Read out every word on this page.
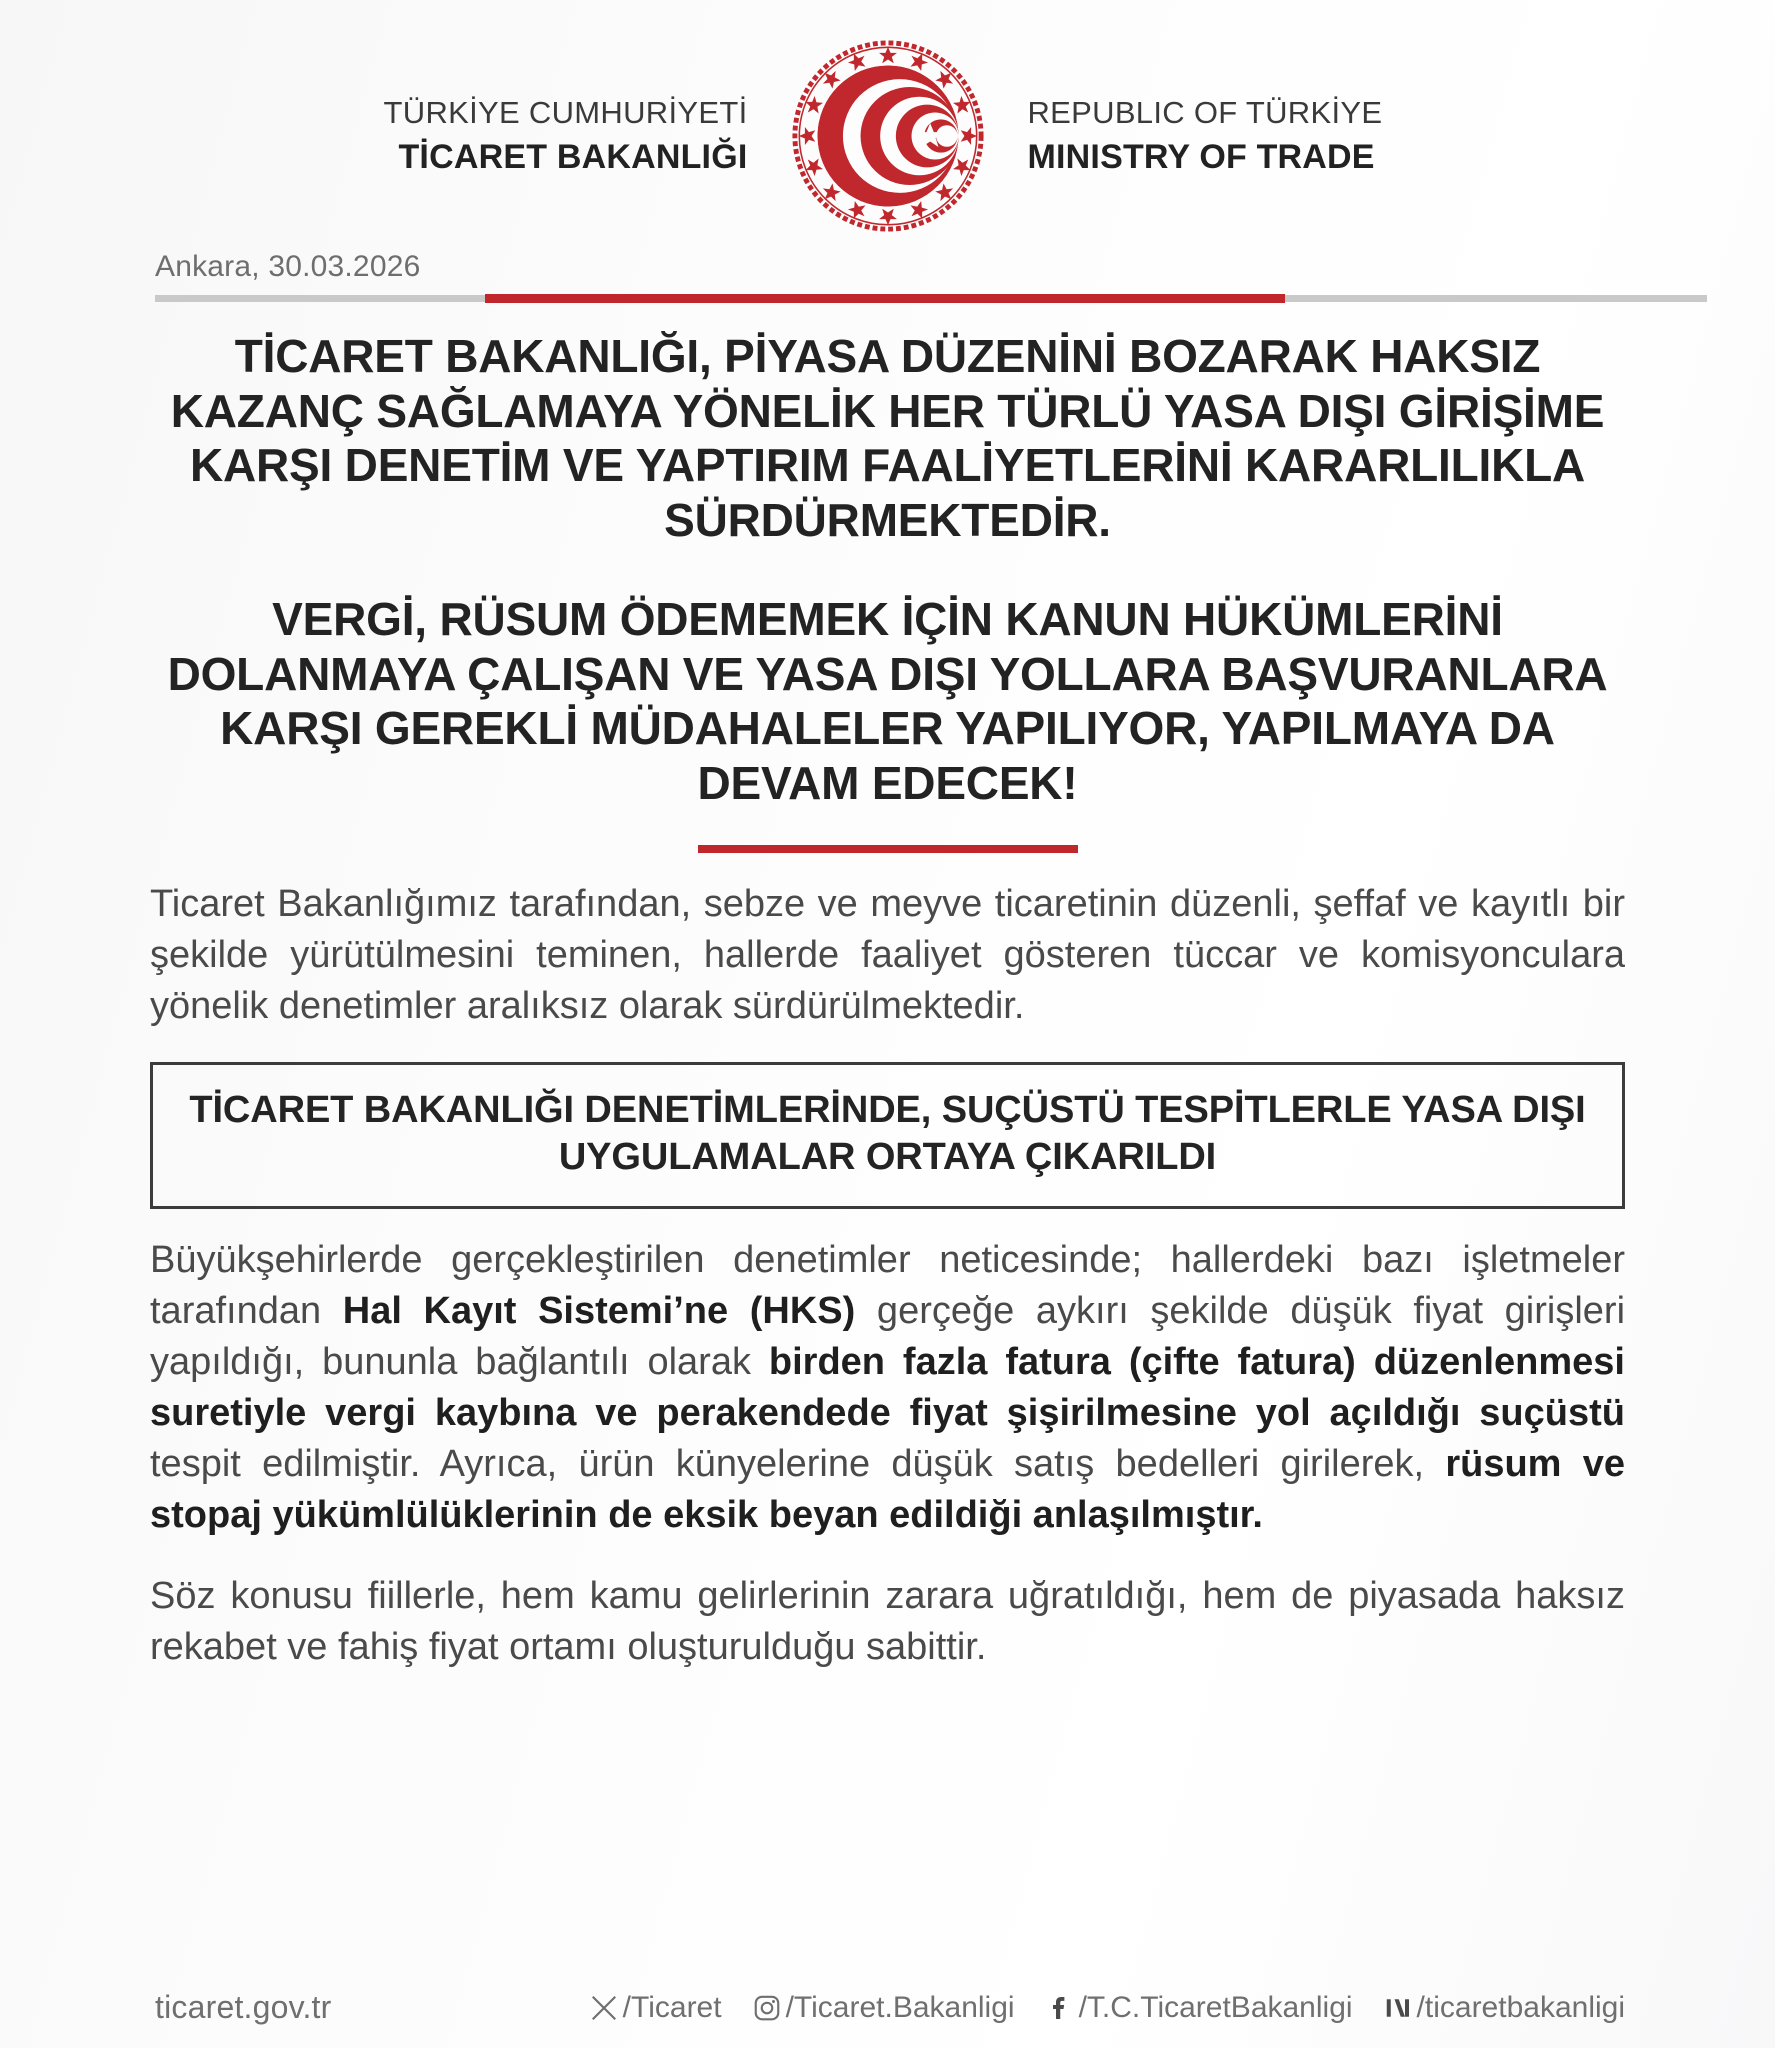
TÜRKİYE CUMHURİYETİ
TİCARET BAKANLIĞI
REPUBLIC OF TÜRKİYE
MINISTRY OF TRADE
Ankara, 30.03.2026
TİCARET BAKANLIĞI, PİYASA DÜZENİNİ BOZARAK HAKSIZ KAZANÇ SAĞLAMAYA YÖNELİK HER TÜRLÜ YASA DIŞI GİRİŞİME KARŞI DENETİM VE YAPTIRIM FAALİYETLERİNİ KARARLILIKLA SÜRDÜRMEKTEDİR.
VERGİ, RÜSUM ÖDEMEMEK İÇİN KANUN HÜKÜMLERİNİ DOLANMAYA ÇALIŞAN VE YASA DIŞI YOLLARA BAŞVURANLARA KARŞI GEREKLİ MÜDAHALELER YAPILIYOR, YAPILMAYA DA DEVAM EDECEK!
Ticaret Bakanlığımız tarafından, sebze ve meyve ticaretinin düzenli, şeffaf ve kayıtlı bir şekilde yürütülmesini teminen, hallerde faaliyet gösteren tüccar ve komisyonculara yönelik denetimler aralıksız olarak sürdürülmektedir.
TİCARET BAKANLIĞI DENETİMLERİNDE, SUÇÜSTÜ TESPİTLERLE YASA DIŞI UYGULAMALAR ORTAYA ÇIKARILDI
Büyükşehirlerde gerçekleştirilen denetimler neticesinde; hallerdeki bazı işletmeler tarafından Hal Kayıt Sistemi’ne (HKS) gerçeğe aykırı şekilde düşük fiyat girişleri yapıldığı, bununla bağlantılı olarak birden fazla fatura (çifte fatura) düzenlenmesi suretiyle vergi kaybına ve perakendede fiyat şişirilmesine yol açıldığı suçüstü tespit edilmiştir. Ayrıca, ürün künyelerine düşük satış bedelleri girilerek, rüsum ve stopaj yükümlülüklerinin de eksik beyan edildiği anlaşılmıştır.
Söz konusu fiillerle, hem kamu gelirlerinin zarara uğratıldığı, hem de piyasada haksız rekabet ve fahiş fiyat ortamı oluşturulduğu sabittir.
ticaret.gov.tr	/Ticaret /Ticaret.Bakanligi /T.C.TicaretBakanligi /ticaretbakanligi
